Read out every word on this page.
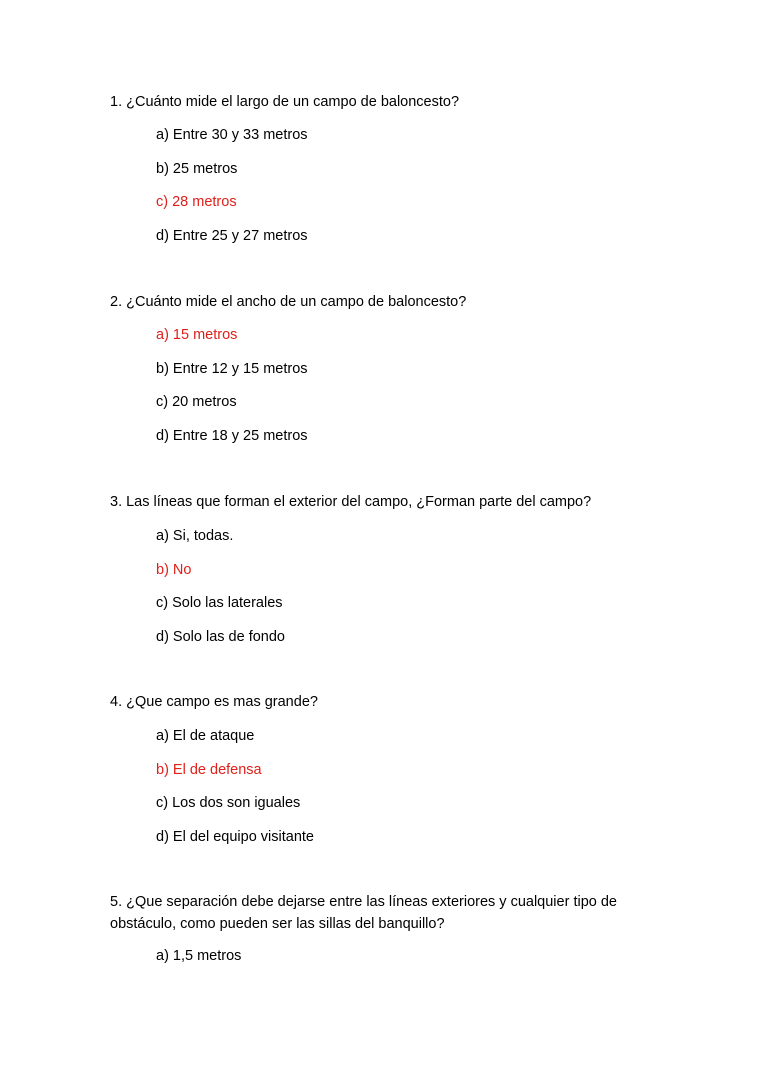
1. ¿Cuánto mide el largo de un campo de baloncesto?

a) Entre 30 y 33 metros
b) 25 metros
c) 28 metros
d) Entre 25 y 27 metros

2. ¿Cuánto mide el ancho de un campo de baloncesto?

a) 15 metros
b) Entre 12 y 15 metros
c) 20 metros
d) Entre 18 y 25 metros

3. Las líneas que forman el exterior del campo, ¿Forman parte del campo?

a) Si, todas.
b) No
c) Solo las laterales
d) Solo las de fondo

4. ¿Que campo es mas grande?

a) El de ataque
b) El de defensa
c) Los dos son iguales
d) El del equipo visitante

5. ¿Que separación debe dejarse entre las líneas exteriores y cualquier tipo de obstáculo, como pueden ser las sillas del banquillo?

a) 1,5 metros
